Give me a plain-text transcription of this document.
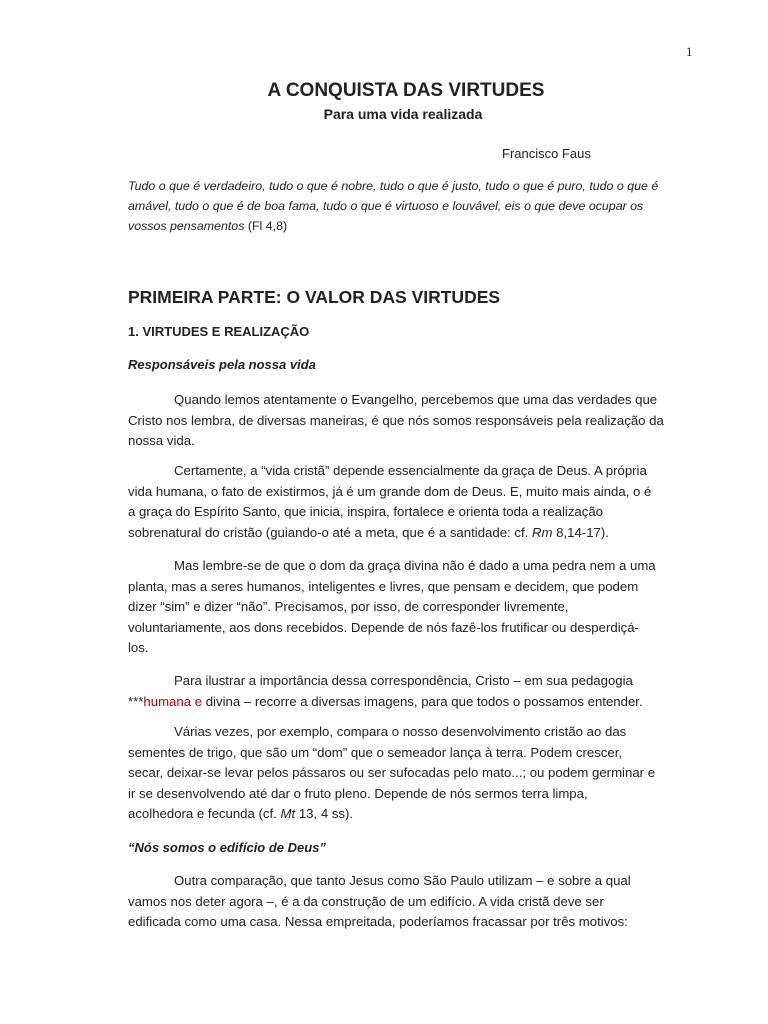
1
A CONQUISTA DAS VIRTUDES
Para uma vida realizada
Francisco Faus
Tudo o que é verdadeiro, tudo o que é nobre, tudo o que é justo, tudo o que é puro, tudo o que é
amável, tudo o que é de boa fama, tudo o que é virtuoso e louvável, eis o que deve ocupar os
vossos pensamentos (Fl 4,8)
PRIMEIRA PARTE: O VALOR DAS VIRTUDES
1. VIRTUDES E REALIZAÇÃO
Responsáveis pela nossa vida
Quando lemos atentamente o Evangelho, percebemos que uma das verdades que
Cristo nos lembra, de diversas maneiras, é que nós somos responsáveis pela realização da
nossa vida.
Certamente, a “vida cristã” depende essencialmente da graça de Deus. A própria
vida humana, o fato de existirmos, já é um grande dom de Deus. E, muito mais ainda, o é
a graça do Espírito Santo, que inicia, inspira, fortalece e orienta toda a realização
sobrenatural do cristão (guiando-o até a meta, que é a santidade: cf. Rm 8,14-17).
Mas lembre-se de que o dom da graça divina não é dado a uma pedra nem a uma
planta, mas a seres humanos, inteligentes e livres, que pensam e decidem, que podem
dizer “sim” e dizer “não”. Precisamos, por isso, de corresponder livremente,
voluntariamente, aos dons recebidos. Depende de nós fazê-los frutificar ou desperdiçá-
los.
Para ilustrar a importância dessa correspondência, Cristo – em sua pedagogia
***humana e divina – recorre a diversas imagens, para que todos o possamos entender.
Várias vezes, por exemplo, compara o nosso desenvolvimento cristão ao das
sementes de trigo, que são um “dom” que o semeador lança à terra. Podem crescer,
secar, deixar-se levar pelos pássaros ou ser sufocadas pelo mato...; ou podem germinar e
ir se desenvolvendo até dar o fruto pleno. Depende de nós sermos terra limpa,
acolhedora e fecunda (cf. Mt 13, 4 ss).
“Nós somos o edifício de Deus”
Outra comparação, que tanto Jesus como São Paulo utilizam – e sobre a qual
vamos nos deter agora –, é a da construção de um edifício. A vida cristã deve ser
edificada como uma casa. Nessa empreitada, poderíamos fracassar por três motivos:
